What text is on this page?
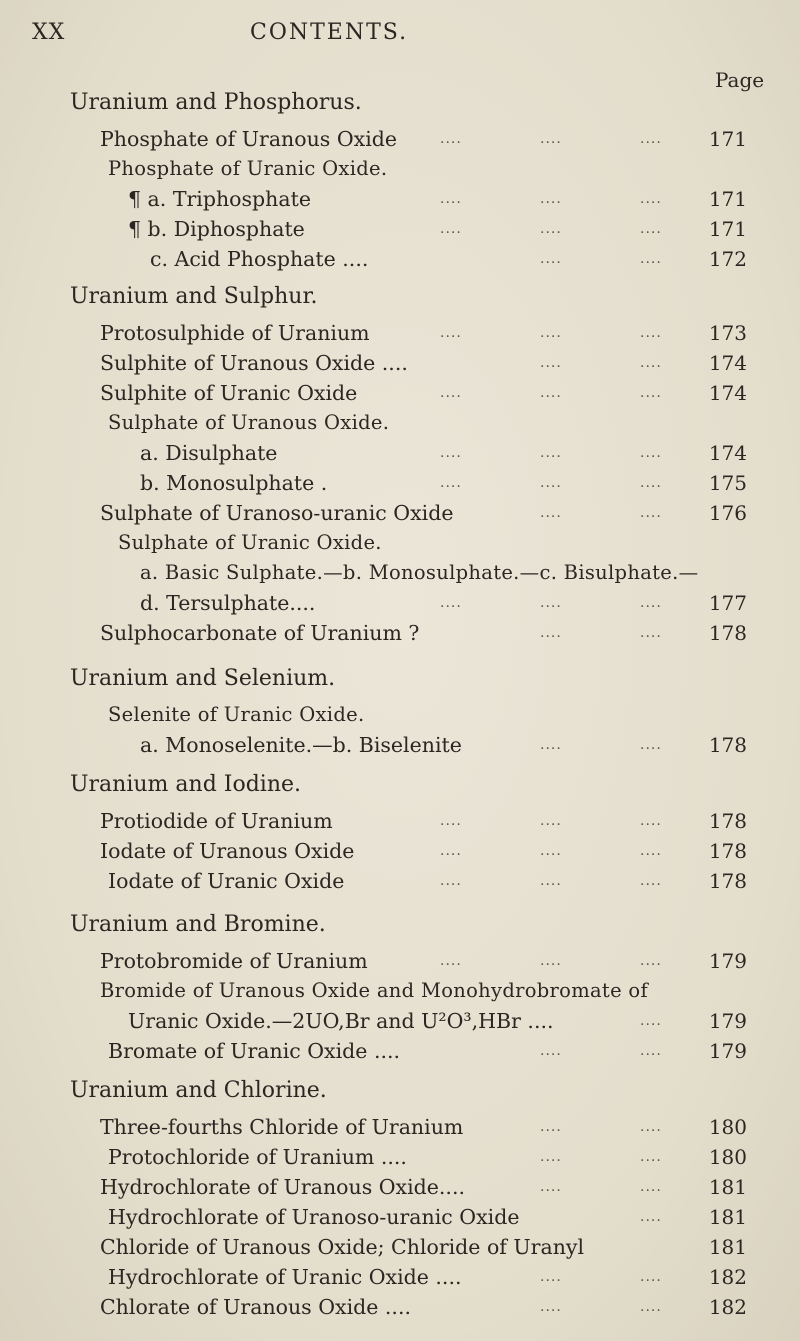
XX	CONTENTS.
Page
Uranium and Phosphorus.
Phosphate of Uranous Oxide	....	....	....	171
Phosphate of Uranic Oxide.
¶ a. Triphosphate	....	....	....	171
¶ b. Diphosphate	....	....	....	171
c. Acid Phosphate ....	....	....	172
Uranium and Sulphur.
Protosulphide of Uranium	....	....	....	173
Sulphite of Uranous Oxide ....	....	....	174
Sulphite of Uranic Oxide	....	....	....	174
Sulphate of Uranous Oxide.
a. Disulphate	....	....	....	174
b. Monosulphate .	....	....	....	175
Sulphate of Uranoso-uranic Oxide	....	....	176
Sulphate of Uranic Oxide.
a. Basic Sulphate.—b. Monosulphate.—c. Bisulphate.—
d. Tersulphate....	....	....	....	177
Sulphocarbonate of Uranium ?	....	....	178
Uranium and Selenium.
Selenite of Uranic Oxide.
a. Monoselenite.—b. Biselenite	....	....	178
Uranium and Iodine.
Protiodide of Uranium	....	....	....	178
Iodate of Uranous Oxide	....	....	....	178
Iodate of Uranic Oxide	....	....	....	178
Uranium and Bromine.
Protobromide of Uranium	....	....	....	179
Bromide of Uranous Oxide and Monohydrobromate of
Uranic Oxide.—2UO,Br and U²O³,HBr ....	....	179
Bromate of Uranic Oxide ....	....	....	179
Uranium and Chlorine.
Three-fourths Chloride of Uranium	....	....	180
Protochloride of Uranium ....	....	....	180
Hydrochlorate of Uranous Oxide....	....	....	181
Hydrochlorate of Uranoso-uranic Oxide	....	181
Chloride of Uranous Oxide; Chloride of Uranyl	181
Hydrochlorate of Uranic Oxide ....	....	....	182
Chlorate of Uranous Oxide ....	....	....	182
